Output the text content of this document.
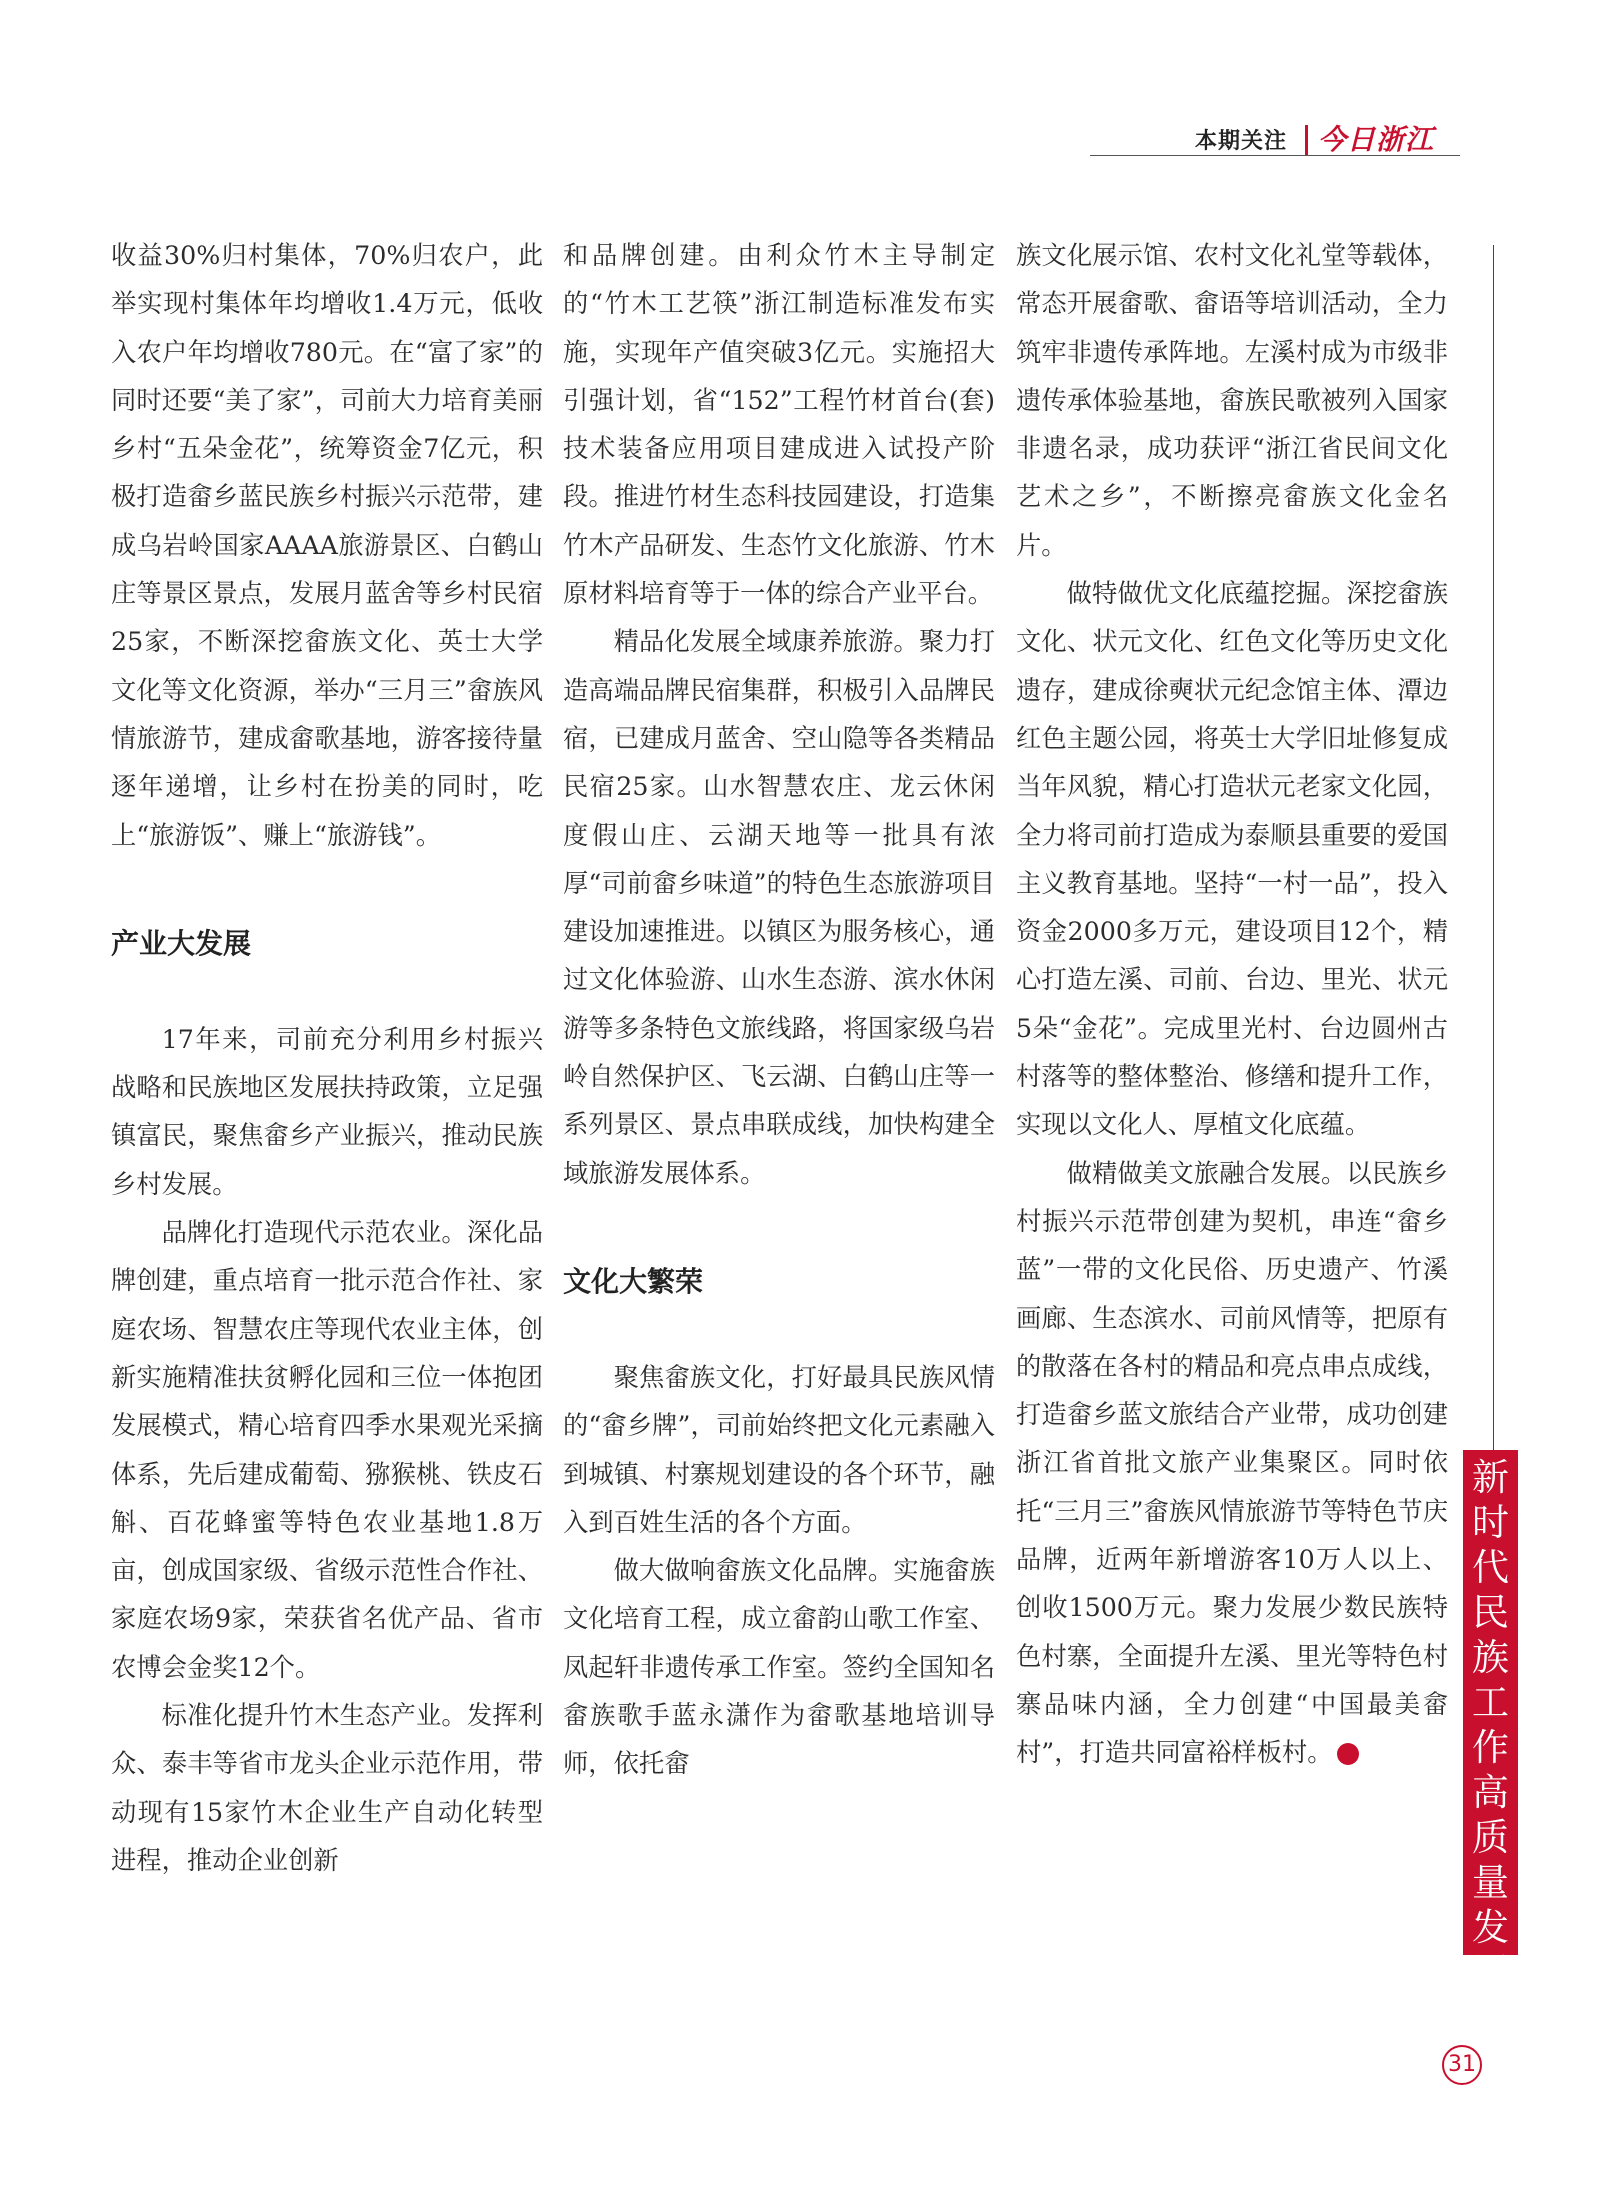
本期关注 今日浙江

收益30%归村集体，70%归农户，此举实现村集体年均增收1.4万元，低收入农户年均增收780元。在“富了家”的同时还要“美了家”，司前大力培育美丽乡村“五朵金花”，统筹资金7亿元，积极打造畲乡蓝民族乡村振兴示范带，建成乌岩岭国家AAAA旅游景区、白鹤山庄等景区景点，发展月蓝舍等乡村民宿25家，不断深挖畲族文化、英士大学文化等文化资源，举办“三月三”畲族风情旅游节，建成畲歌基地，游客接待量逐年递增，让乡村在扮美的同时，吃上“旅游饭”、赚上“旅游钱”。

产业大发展

17年来，司前充分利用乡村振兴战略和民族地区发展扶持政策，立足强镇富民，聚焦畲乡产业振兴，推动民族乡村发展。

品牌化打造现代示范农业。深化品牌创建，重点培育一批示范合作社、家庭农场、智慧农庄等现代农业主体，创新实施精准扶贫孵化园和三位一体抱团发展模式，精心培育四季水果观光采摘体系，先后建成葡萄、猕猴桃、铁皮石斛、百花蜂蜜等特色农业基地1.8万亩，创成国家级、省级示范性合作社、家庭农场9家，荣获省名优产品、省市农博会金奖12个。

标准化提升竹木生态产业。发挥利众、泰丰等省市龙头企业示范作用，带动现有15家竹木企业生产自动化转型进程，推动企业创新

和品牌创建。由利众竹木主导制定的“竹木工艺筷”浙江制造标准发布实施，实现年产值突破3亿元。实施招大引强计划，省“152”工程竹材首台(套)技术装备应用项目建成进入试投产阶段。推进竹材生态科技园建设，打造集竹木产品研发、生态竹文化旅游、竹木原材料培育等于一体的综合产业平台。

精品化发展全域康养旅游。聚力打造高端品牌民宿集群，积极引入品牌民宿，已建成月蓝舍、空山隐等各类精品民宿25家。山水智慧农庄、龙云休闲度假山庄、云湖天地等一批具有浓厚“司前畲乡味道”的特色生态旅游项目建设加速推进。以镇区为服务核心，通过文化体验游、山水生态游、滨水休闲游等多条特色文旅线路，将国家级乌岩岭自然保护区、飞云湖、白鹤山庄等一系列景区、景点串联成线，加快构建全域旅游发展体系。

文化大繁荣

聚焦畲族文化，打好最具民族风情的“畲乡牌”，司前始终把文化元素融入到城镇、村寨规划建设的各个环节，融入到百姓生活的各个方面。

做大做响畲族文化品牌。实施畲族文化培育工程，成立畲韵山歌工作室、凤起轩非遗传承工作室。签约全国知名畲族歌手蓝永潇作为畲歌基地培训导师，依托畲

族文化展示馆、农村文化礼堂等载体，常态开展畲歌、畲语等培训活动，全力筑牢非遗传承阵地。左溪村成为市级非遗传承体验基地，畲族民歌被列入国家非遗名录，成功获评“浙江省民间文化艺术之乡”，不断擦亮畲族文化金名片。

做特做优文化底蕴挖掘。深挖畲族文化、状元文化、红色文化等历史文化遗存，建成徐奭状元纪念馆主体、潭边红色主题公园，将英士大学旧址修复成当年风貌，精心打造状元老家文化园，全力将司前打造成为泰顺县重要的爱国主义教育基地。坚持“一村一品”，投入资金2000多万元，建设项目12个，精心打造左溪、司前、台边、里光、状元5朵“金花”。完成里光村、台边圆州古村落等的整体整治、修缮和提升工作，实现以文化人、厚植文化底蕴。

做精做美文旅融合发展。以民族乡村振兴示范带创建为契机，串连“畲乡蓝”一带的文化民俗、历史遗产、竹溪画廊、生态滨水、司前风情等，把原有的散落在各村的精品和亮点串点成线，打造畲乡蓝文旅结合产业带，成功创建浙江省首批文旅产业集聚区。同时依托“三月三”畲族风情旅游节等特色节庆品牌，近两年新增游客10万人以上、创收1500万元。聚力发展少数民族特色村寨，全面提升左溪、里光等特色村寨品味内涵，全力创建“中国最美畲村”，打造共同富裕样板村。	今

新时代民族工作高质量发展
31
